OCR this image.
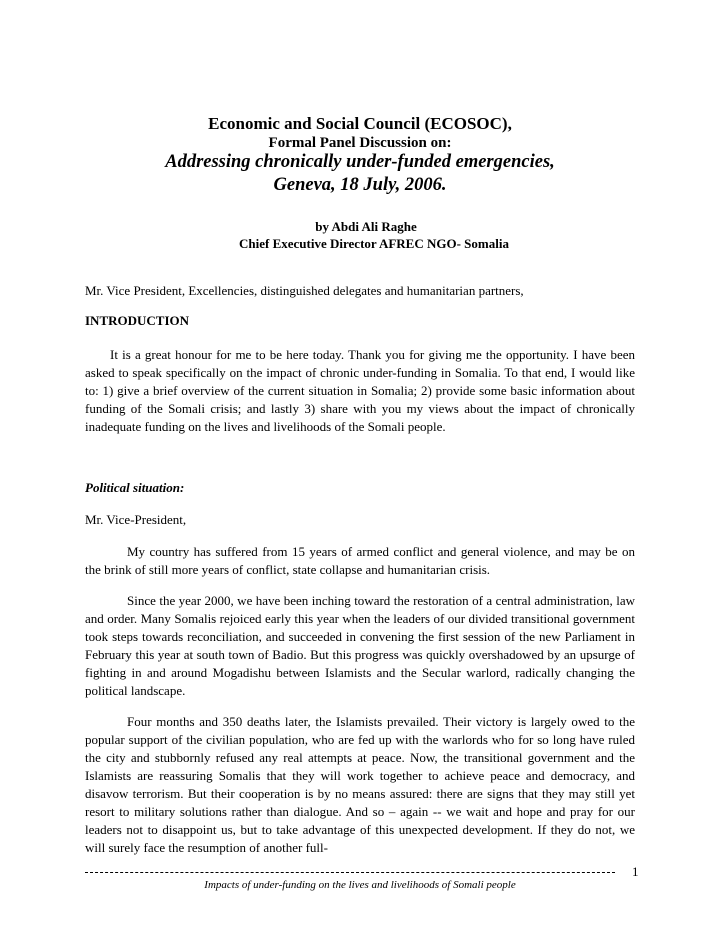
Economic and Social Council (ECOSOC),
Formal Panel Discussion on:
Addressing chronically under-funded emergencies,
Geneva, 18 July, 2006.
by Abdi Ali Raghe
Chief Executive Director AFREC NGO- Somalia
Mr. Vice President, Excellencies, distinguished delegates and humanitarian partners,
INTRODUCTION

It is a great honour for me to be here today. Thank you for giving me the opportunity. I have been asked to speak specifically on the impact of chronic under-funding in Somalia. To that end, I would like to: 1) give a brief overview of the current situation in Somalia; 2) provide some basic information about funding of the Somali crisis; and lastly 3) share with you my views about the impact of chronically inadequate funding on the lives and livelihoods of the Somali people.

Political situation:
Mr. Vice-President,

My country has suffered from 15 years of armed conflict and general violence, and may be on the brink of still more years of conflict, state collapse and humanitarian crisis.

Since the year 2000, we have been inching toward the restoration of a central administration, law and order. Many Somalis rejoiced early this year when the leaders of our divided transitional government took steps towards reconciliation, and succeeded in convening the first session of the new Parliament in February this year at south town of Badio. But this progress was quickly overshadowed by an upsurge of fighting in and around Mogadishu between Islamists and the Secular warlord, radically changing the political landscape.

Four months and 350 deaths later, the Islamists prevailed. Their victory is largely owed to the popular support of the civilian population, who are fed up with the warlords who for so long have ruled the city and stubbornly refused any real attempts at peace. Now, the transitional government and the Islamists are reassuring Somalis that they will work together to achieve peace and democracy, and disavow terrorism. But their cooperation is by no means assured: there are signs that they may still yet resort to military solutions rather than dialogue. And so – again -- we wait and hope and pray for our leaders not to disappoint us, but to take advantage of this unexpected development. If they do not, we will surely face the resumption of another full-

1
Impacts of under-funding on the lives and livelihoods of Somali people
